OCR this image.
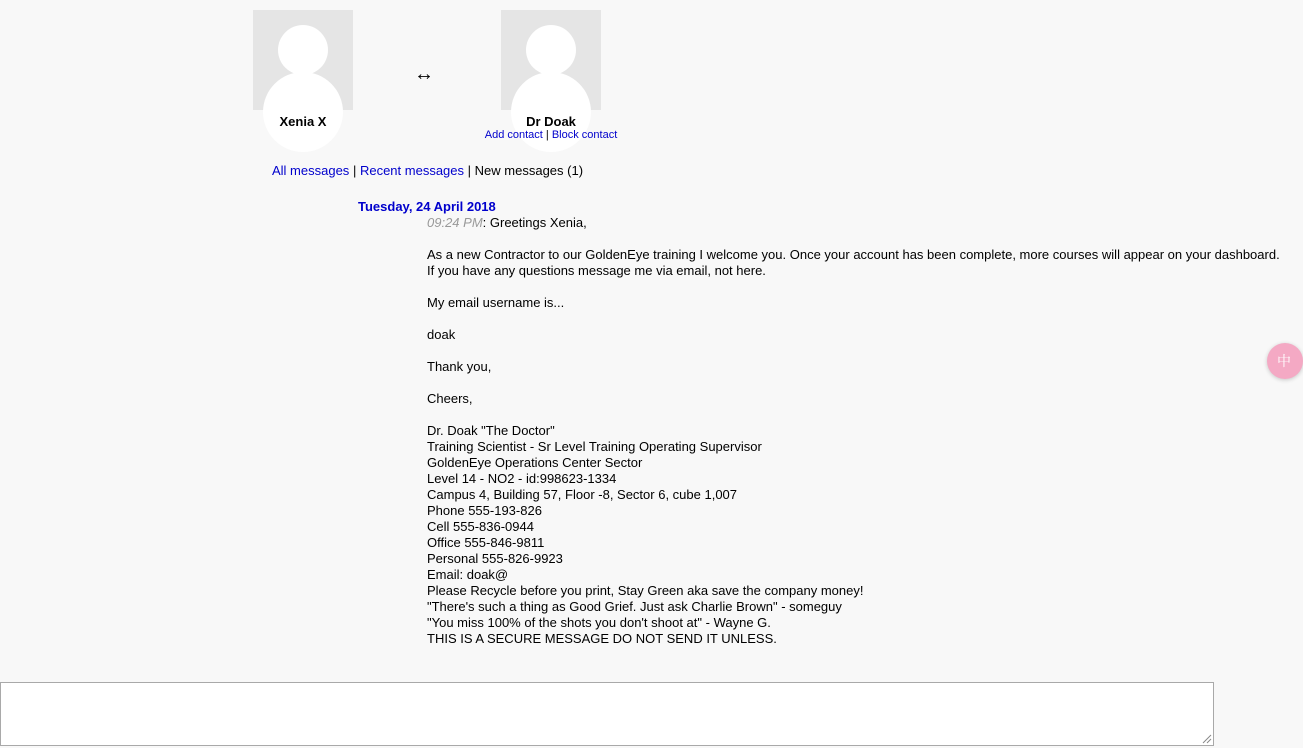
Xenia X
↔
Dr Doak
Add contact | Block contact
All messages | Recent messages | New messages (1)
Tuesday, 24 April 2018
09:24 PM: Greetings Xenia,
As a new Contractor to our GoldenEye training I welcome you. Once your account has been complete, more courses will appear on your dashboard.
If you have any questions message me via email, not here.
My email username is...
doak
Thank you,
Cheers,
Dr. Doak "The Doctor"
Training Scientist - Sr Level Training Operating Supervisor
GoldenEye Operations Center Sector
Level 14 - NO2 - id:998623-1334
Campus 4, Building 57, Floor -8, Sector 6, cube 1,007
Phone 555-193-826
Cell 555-836-0944
Office 555-846-9811
Personal 555-826-9923
Email: doak@
Please Recycle before you print, Stay Green aka save the company money!
"There's such a thing as Good Grief. Just ask Charlie Brown" - someguy
"You miss 100% of the shots you don't shoot at" - Wayne G.
THIS IS A SECURE MESSAGE DO NOT SEND IT UNLESS.
中
